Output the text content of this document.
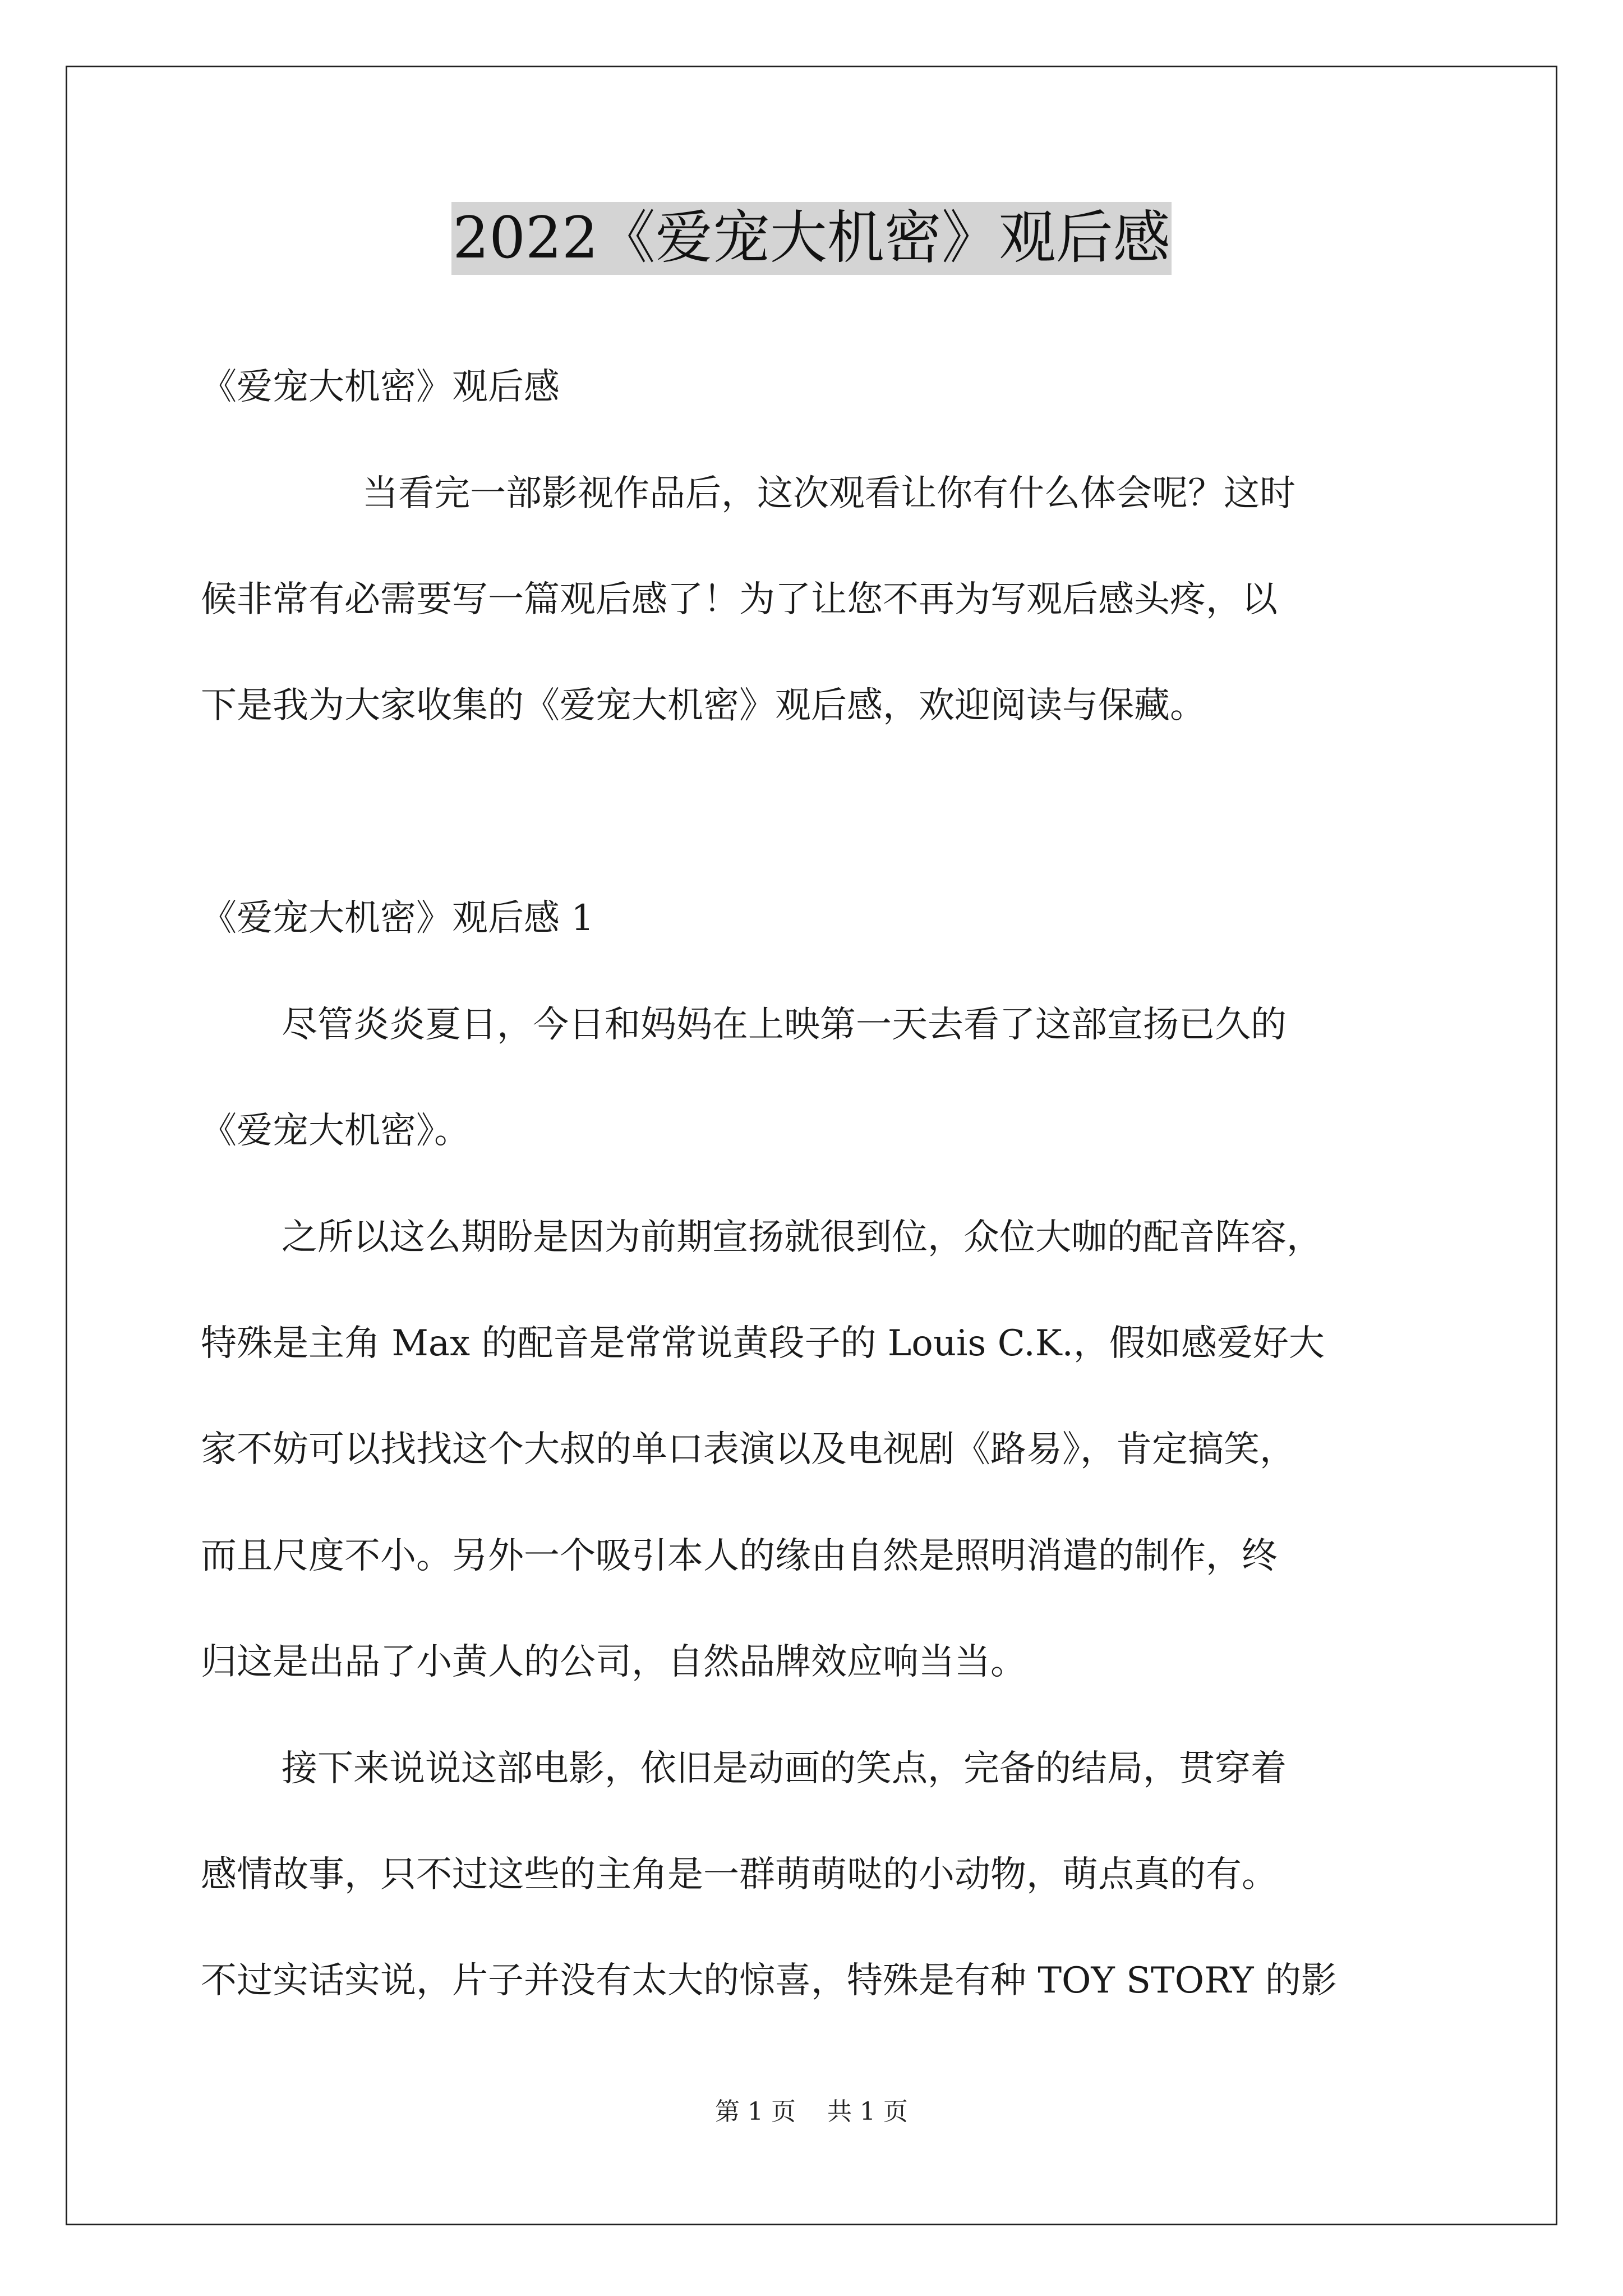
2022《爱宠大机密》观后感
《爱宠大机密》观后感
当看完一部影视作品后，这次观看让你有什么体会呢？这时
候非常有必需要写一篇观后感了！为了让您不再为写观后感头疼，以
下是我为大家收集的《爱宠大机密》观后感，欢迎阅读与保藏。
《爱宠大机密》观后感 1
尽管炎炎夏日，今日和妈妈在上映第一天去看了这部宣扬已久的
《爱宠大机密》。
之所以这么期盼是因为前期宣扬就很到位，众位大咖的配音阵容，
特殊是主角 Max 的配音是常常说黄段子的 Louis C.K.，假如感爱好大
家不妨可以找找这个大叔的单口表演以及电视剧《路易》，肯定搞笑，
而且尺度不小。另外一个吸引本人的缘由自然是照明消遣的制作，终
归这是出品了小黄人的公司，自然品牌效应响当当。
接下来说说这部电影，依旧是动画的笑点，完备的结局，贯穿着
感情故事，只不过这些的主角是一群萌萌哒的小动物，萌点真的有。
不过实话实说，片子并没有太大的惊喜，特殊是有种 TOY STORY 的影
第 1 页    共 1 页
